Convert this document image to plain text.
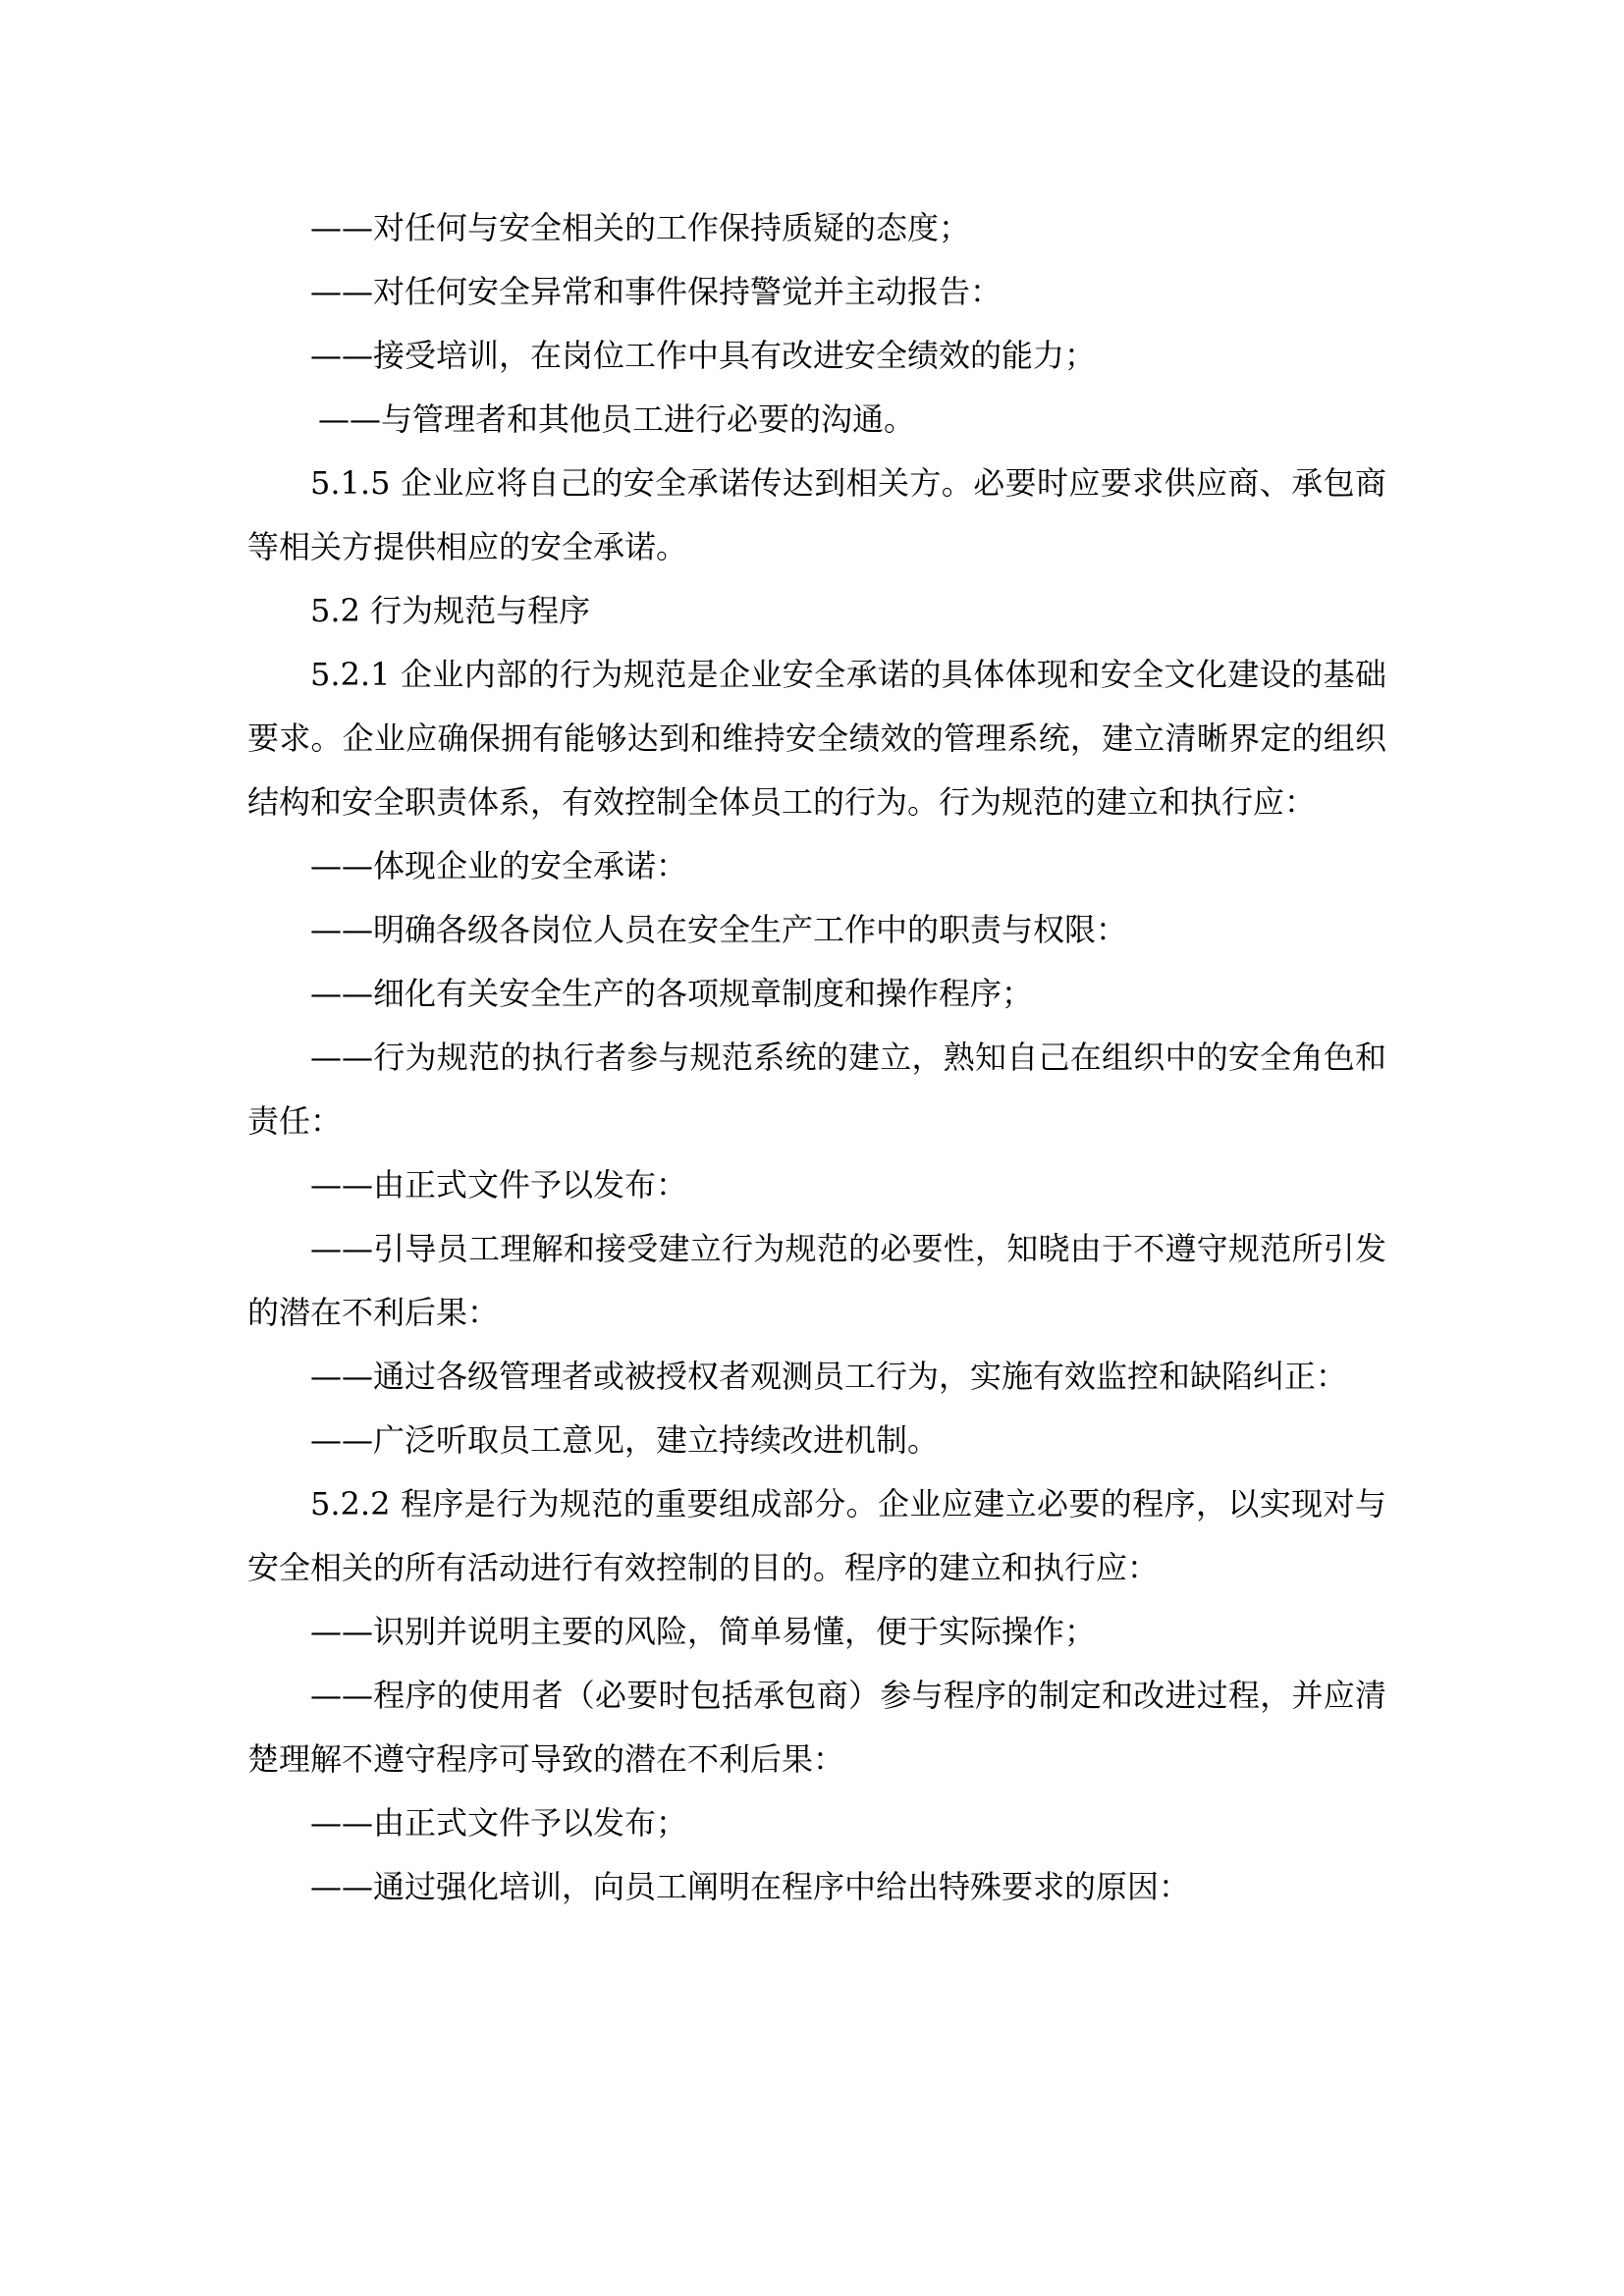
——对任何与安全相关的工作保持质疑的态度；

——对任何安全异常和事件保持警觉并主动报告：

——接受培训，在岗位工作中具有改进安全绩效的能力；

——与管理者和其他员工进行必要的沟通。

5.1.5 企业应将自己的安全承诺传达到相关方。必要时应要求供应商、承包商等相关方提供相应的安全承诺。

5.2 行为规范与程序

5.2.1 企业内部的行为规范是企业安全承诺的具体体现和安全文化建设的基础要求。企业应确保拥有能够达到和维持安全绩效的管理系统，建立清晰界定的组织结构和安全职责体系，有效控制全体员工的行为。行为规范的建立和执行应：

——体现企业的安全承诺：

——明确各级各岗位人员在安全生产工作中的职责与权限：

——细化有关安全生产的各项规章制度和操作程序；

——行为规范的执行者参与规范系统的建立，熟知自己在组织中的安全角色和责任：

——由正式文件予以发布：

——引导员工理解和接受建立行为规范的必要性，知晓由于不遵守规范所引发的潜在不利后果：

——通过各级管理者或被授权者观测员工行为，实施有效监控和缺陷纠正：

——广泛听取员工意见，建立持续改进机制。

5.2.2 程序是行为规范的重要组成部分。企业应建立必要的程序，以实现对与安全相关的所有活动进行有效控制的目的。程序的建立和执行应：

——识别并说明主要的风险，简单易懂，便于实际操作；

——程序的使用者（必要时包括承包商）参与程序的制定和改进过程，并应清楚理解不遵守程序可导致的潜在不利后果：

——由正式文件予以发布；

——通过强化培训，向员工阐明在程序中给出特殊要求的原因：
